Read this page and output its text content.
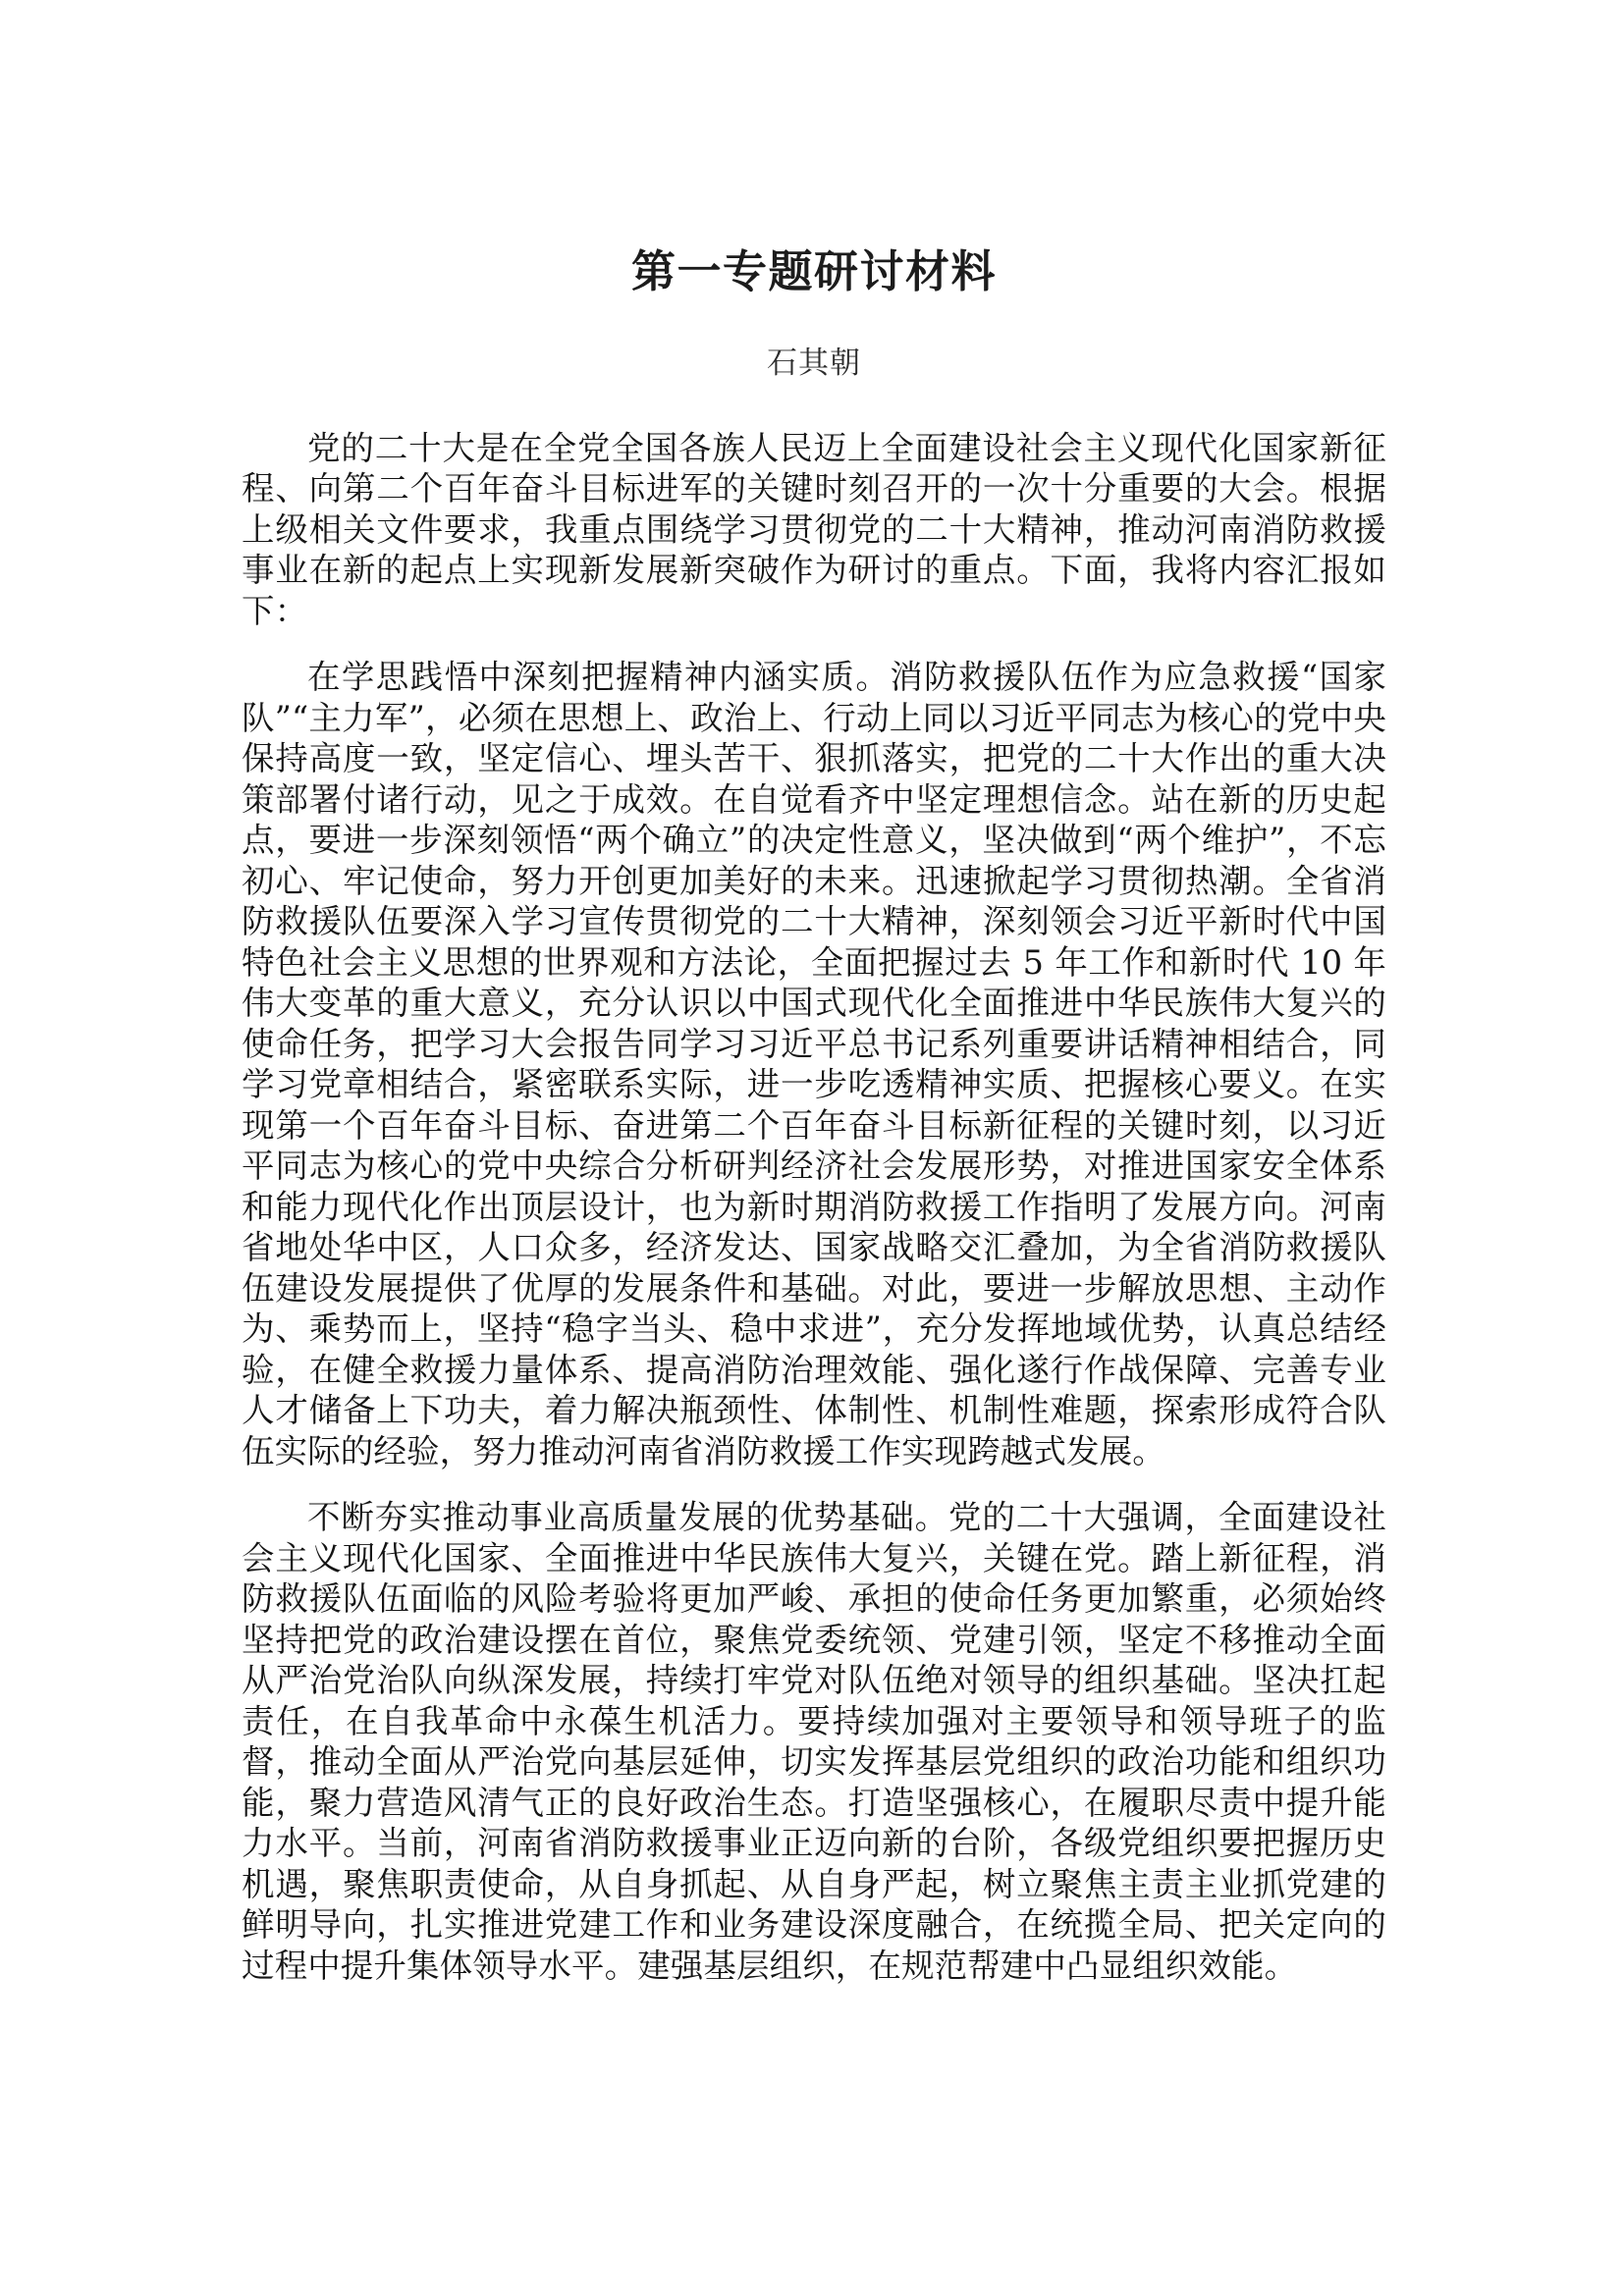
第一专题研讨材料
石其朝

党的二十大是在全党全国各族人民迈上全面建设社会主义现代化国家新征程、向第二个百年奋斗目标进军的关键时刻召开的一次十分重要的大会。根据上级相关文件要求，我重点围绕学习贯彻党的二十大精神，推动河南消防救援事业在新的起点上实现新发展新突破作为研讨的重点。下面，我将内容汇报如下：

在学思践悟中深刻把握精神内涵实质。消防救援队伍作为应急救援“国家队”“主力军”，必须在思想上、政治上、行动上同以习近平同志为核心的党中央保持高度一致，坚定信心、埋头苦干、狠抓落实，把党的二十大作出的重大决策部署付诸行动，见之于成效。在自觉看齐中坚定理想信念。站在新的历史起点，要进一步深刻领悟“两个确立”的决定性意义，坚决做到“两个维护”，不忘初心、牢记使命，努力开创更加美好的未来。迅速掀起学习贯彻热潮。全省消防救援队伍要深入学习宣传贯彻党的二十大精神，深刻领会习近平新时代中国特色社会主义思想的世界观和方法论，全面把握过去 5 年工作和新时代 10 年伟大变革的重大意义，充分认识以中国式现代化全面推进中华民族伟大复兴的使命任务，把学习大会报告同学习习近平总书记系列重要讲话精神相结合，同学习党章相结合，紧密联系实际，进一步吃透精神实质、把握核心要义。在实现第一个百年奋斗目标、奋进第二个百年奋斗目标新征程的关键时刻，以习近平同志为核心的党中央综合分析研判经济社会发展形势，对推进国家安全体系和能力现代化作出顶层设计，也为新时期消防救援工作指明了发展方向。河南省地处华中区，人口众多，经济发达、国家战略交汇叠加，为全省消防救援队伍建设发展提供了优厚的发展条件和基础。对此，要进一步解放思想、主动作为、乘势而上，坚持“稳字当头、稳中求进”，充分发挥地域优势，认真总结经验，在健全救援力量体系、提高消防治理效能、强化遂行作战保障、完善专业人才储备上下功夫，着力解决瓶颈性、体制性、机制性难题，探索形成符合队伍实际的经验，努力推动河南省消防救援工作实现跨越式发展。

不断夯实推动事业高质量发展的优势基础。党的二十大强调，全面建设社会主义现代化国家、全面推进中华民族伟大复兴，关键在党。踏上新征程，消防救援队伍面临的风险考验将更加严峻、承担的使命任务更加繁重，必须始终坚持把党的政治建设摆在首位，聚焦党委统领、党建引领，坚定不移推动全面从严治党治队向纵深发展，持续打牢党对队伍绝对领导的组织基础。坚决扛起责任，在自我革命中永葆生机活力。要持续加强对主要领导和领导班子的监督，推动全面从严治党向基层延伸，切实发挥基层党组织的政治功能和组织功能，聚力营造风清气正的良好政治生态。打造坚强核心，在履职尽责中提升能力水平。当前，河南省消防救援事业正迈向新的台阶，各级党组织要把握历史机遇，聚焦职责使命，从自身抓起、从自身严起，树立聚焦主责主业抓党建的鲜明导向，扎实推进党建工作和业务建设深度融合，在统揽全局、把关定向的过程中提升集体领导水平。建强基层组织，在规范帮建中凸显组织效能。
